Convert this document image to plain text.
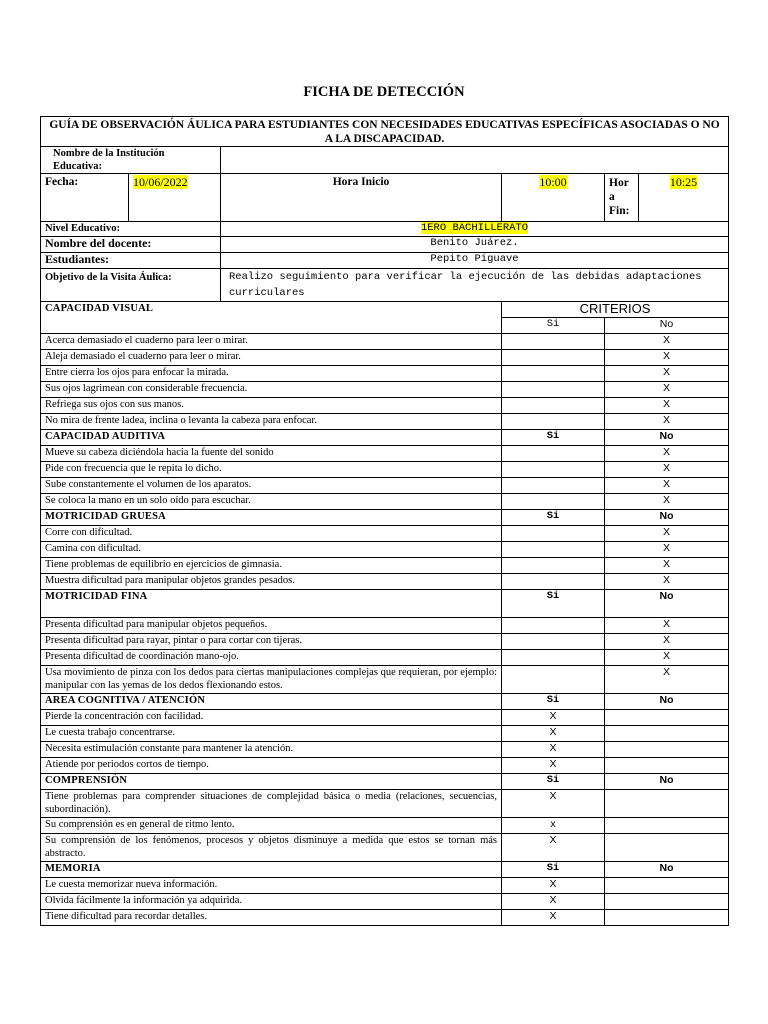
FICHA DE DETECCIÓN
GUÍA DE OBSERVACIÓN ÁULICA PARA ESTUDIANTES CON NECESIDADES EDUCATIVAS ESPECÍFICAS ASOCIADAS O NO A LA DISCAPACIDAD.					
Nombre de la Institución Educativa:					
Fecha:	10/06/2022	Hora Inicio	10:00	Hor a Fin:	10:25
Nivel Educativo:		1ERO BACHILLERATO			
Nombre del docente:		Benito Juárez.			
Estudiantes:		Pepito Piguave			
Objetivo de la Visita Áulica:		Realizo seguimiento para verificar la ejecución de las debidas adaptaciones curriculares			
CAPACIDAD VISUAL			CRITERIOS		
			Si	No	
Acerca demasiado el cuaderno para leer o mirar.				X	
Aleja demasiado el cuaderno para leer o mirar.				X	
Entre cierra los ojos para enfocar la mirada.				X	
Sus ojos lagrimean con considerable frecuencia.				X	
Refriega sus ojos con sus manos.				X	
No mira de frente ladea, inclina o levanta la cabeza para enfocar.				X	
CAPACIDAD AUDITIVA			Si	No	
Mueve su cabeza diciéndola hacia la fuente del sonido				X	
Pide con frecuencia que le repita lo dicho.				X	
Sube constantemente el volumen de los aparatos.				X	
Se coloca la mano en un solo oído para escuchar.				X	
MOTRICIDAD GRUESA			Si	No	
Corre con dificultad.				X	
Camina con dificultad.				X	
Tiene problemas de equilibrio en ejercicios de gimnasia.				X	
Muestra dificultad para manipular objetos grandes pesados.				X	
MOTRICIDAD FINA			Si	No	
Presenta dificultad para manipular objetos pequeños.				X	
Presenta dificultad para rayar, pintar o para cortar con tijeras.				X	
Presenta dificultad de coordinación mano-ojo.				X	
Usa movimiento de pinza con los dedos para ciertas manipulaciones complejas que requieran, por ejemplo: manipular con las yemas de los dedos flexionando estos.				X	
AREA COGNITIVA / ATENCIÓN			Si	No	
Pierde la concentración con facilidad.			X		
Le cuesta trabajo concentrarse.			X		
Necesita estimulación constante para mantener la atención.			X		
Atiende por periodos cortos de tiempo.			X		
COMPRENSIÓN			Si	No	
Tiene problemas para comprender situaciones de complejidad básica o media (relaciones, secuencias, subordinación).			X		
Su comprensión es en general de ritmo lento.			x		
Su comprensión de los fenómenos, procesos y objetos disminuye a medida que estos se tornan más abstracto.			X		
MEMORIA			Si	No	
Le cuesta memorizar nueva información.			X		
Olvida fácilmente la información ya adquirida.			X		
Tiene dificultad para recordar detalles.			X		
